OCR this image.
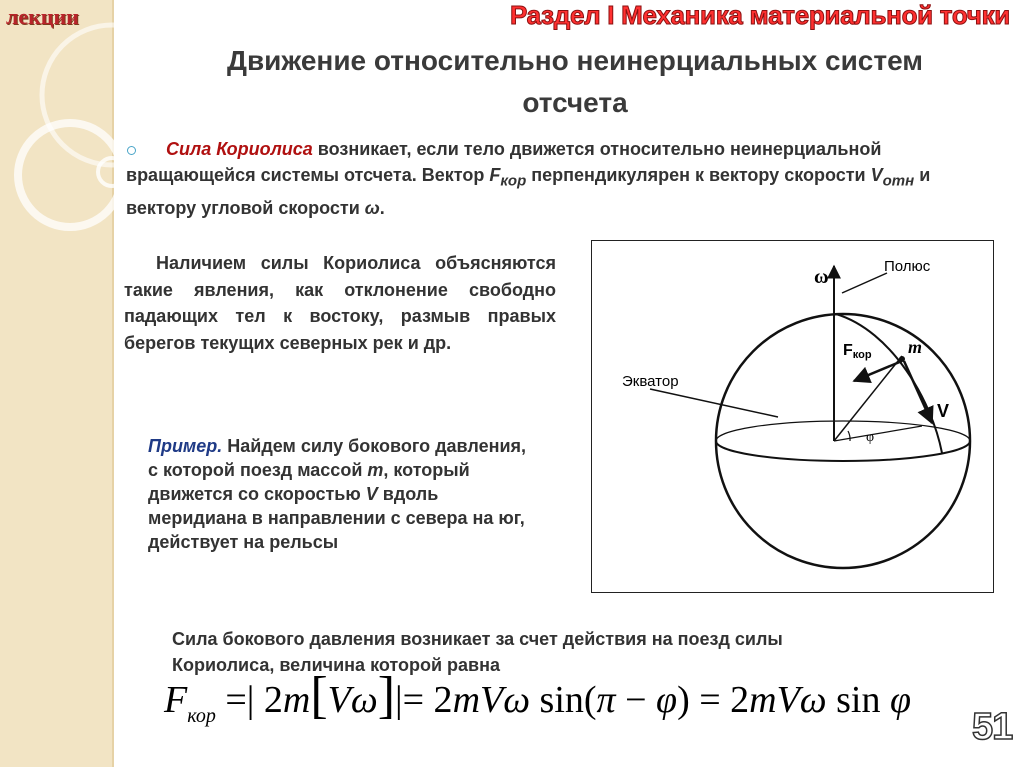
лекции	Раздел I Механика материальной точки
Движение относительно неинерциальных систем
отсчета
Сила Кориолиса возникает, если тело движется относительно неинерциальной вращающейся системы отсчета. Вектор $F_{кор}$ перпендикулярен к вектору скорости $V_{отн}$ и вектору угловой скорости ω.
Наличием силы Кориолиса объясняются такие явления, как отклонение свободно падающих тел к востоку, размыв правых берегов текущих северных рек и др.
Пример. Найдем силу бокового давления, с которой поезд массой m, который движется со скоростью V вдоль меридиана в направлении с севера на юг, действует на рельсы
ω	Полюс
Экватор
Fкор m
V
φ
Сила бокового давления возникает за счет действия на поезд силы Кориолиса, величина которой равна
$F_{кор}$ =| 2m[Vω]|= 2mVω sin(π − φ) = 2mVω sin φ
51
